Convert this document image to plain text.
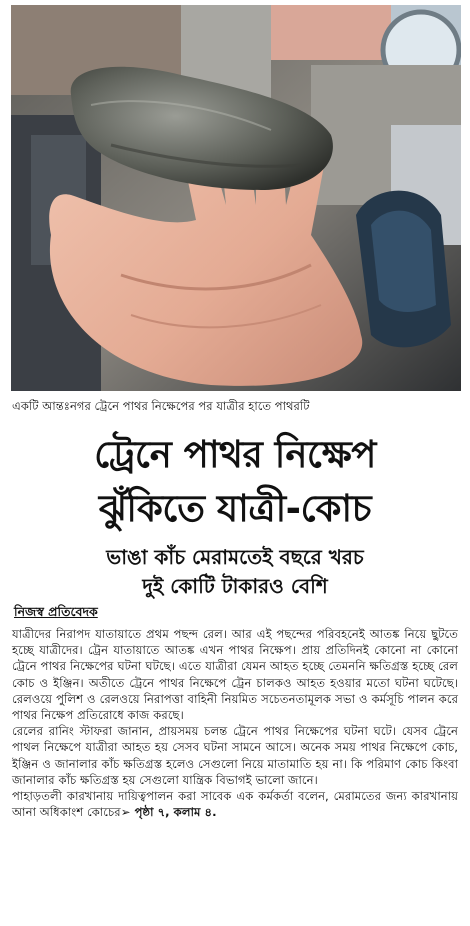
একটি আন্তঃনগর ট্রেনে পাথর নিক্ষেপের পর যাত্রীর হাতে পাথরটি
ট্রেনে পাথর নিক্ষেপ
ঝুঁকিতে যাত্রী-কোচ
ভাঙা কাঁচ মেরামতেই বছরে খরচ
দুই কোটি টাকারও বেশি
নিজস্ব প্রতিবেদক

যাত্রীদের নিরাপদ যাতায়াতে প্রথম পছন্দ রেল। আর এই পছন্দের পরিবহনেই আতঙ্ক নিয়ে ছুটতে হচ্ছে যাত্রীদের। ট্রেন যাতায়াতে আতঙ্ক এখন পাথর নিক্ষেপ। প্রায় প্রতিদিনই কোনো না কোনো ট্রেনে পাথর নিক্ষেপের ঘটনা ঘটছে। এতে যাত্রীরা যেমন আহত হচ্ছে তেমননি ক্ষতিগ্রস্ত হচ্ছে রেল কোচ ও ইঞ্জিন। অতীতে ট্রেনে পাথর নিক্ষেপে ট্রেন চালকও আহত হওয়ার মতো ঘটনা ঘটেছে। রেলওয়ে পুলিশ ও রেলওয়ে নিরাপত্তা বাহিনী নিয়মিত সচেতনতামূলক সভা ও কর্মসূচি পালন করে পাথর নিক্ষেপ প্রতিরোধে কাজ করছে।

রেলের রানিং স্টাফরা জানান, প্রায়সময় চলন্ত ট্রেনে পাথর নিক্ষেপের ঘটনা ঘটে। যেসব ট্রেনে পাথল নিক্ষেপে যাত্রীরা আহত হয় সেসব ঘটনা সামনে আসে। অনেক সময় পাথর নিক্ষেপে কোচ, ইঞ্জিন ও জানালার কাঁচ ক্ষতিগ্রস্ত হলেও সেগুলো নিয়ে মাতামাতি হয় না। কি পরিমাণ কোচ কিংবা জানালার কাঁচ ক্ষতিগ্রস্ত হয় সেগুলো যান্ত্রিক বিভাগই ভালো জানে।

পাহাড়তলী কারখানায় দায়িত্বপালন করা সাবেক এক কর্মকর্তা বলেন, মেরামতের জন্য কারখানায় আনা অধিকাংশ কোচের➢ পৃষ্ঠা ৭, কলাম ৪.
